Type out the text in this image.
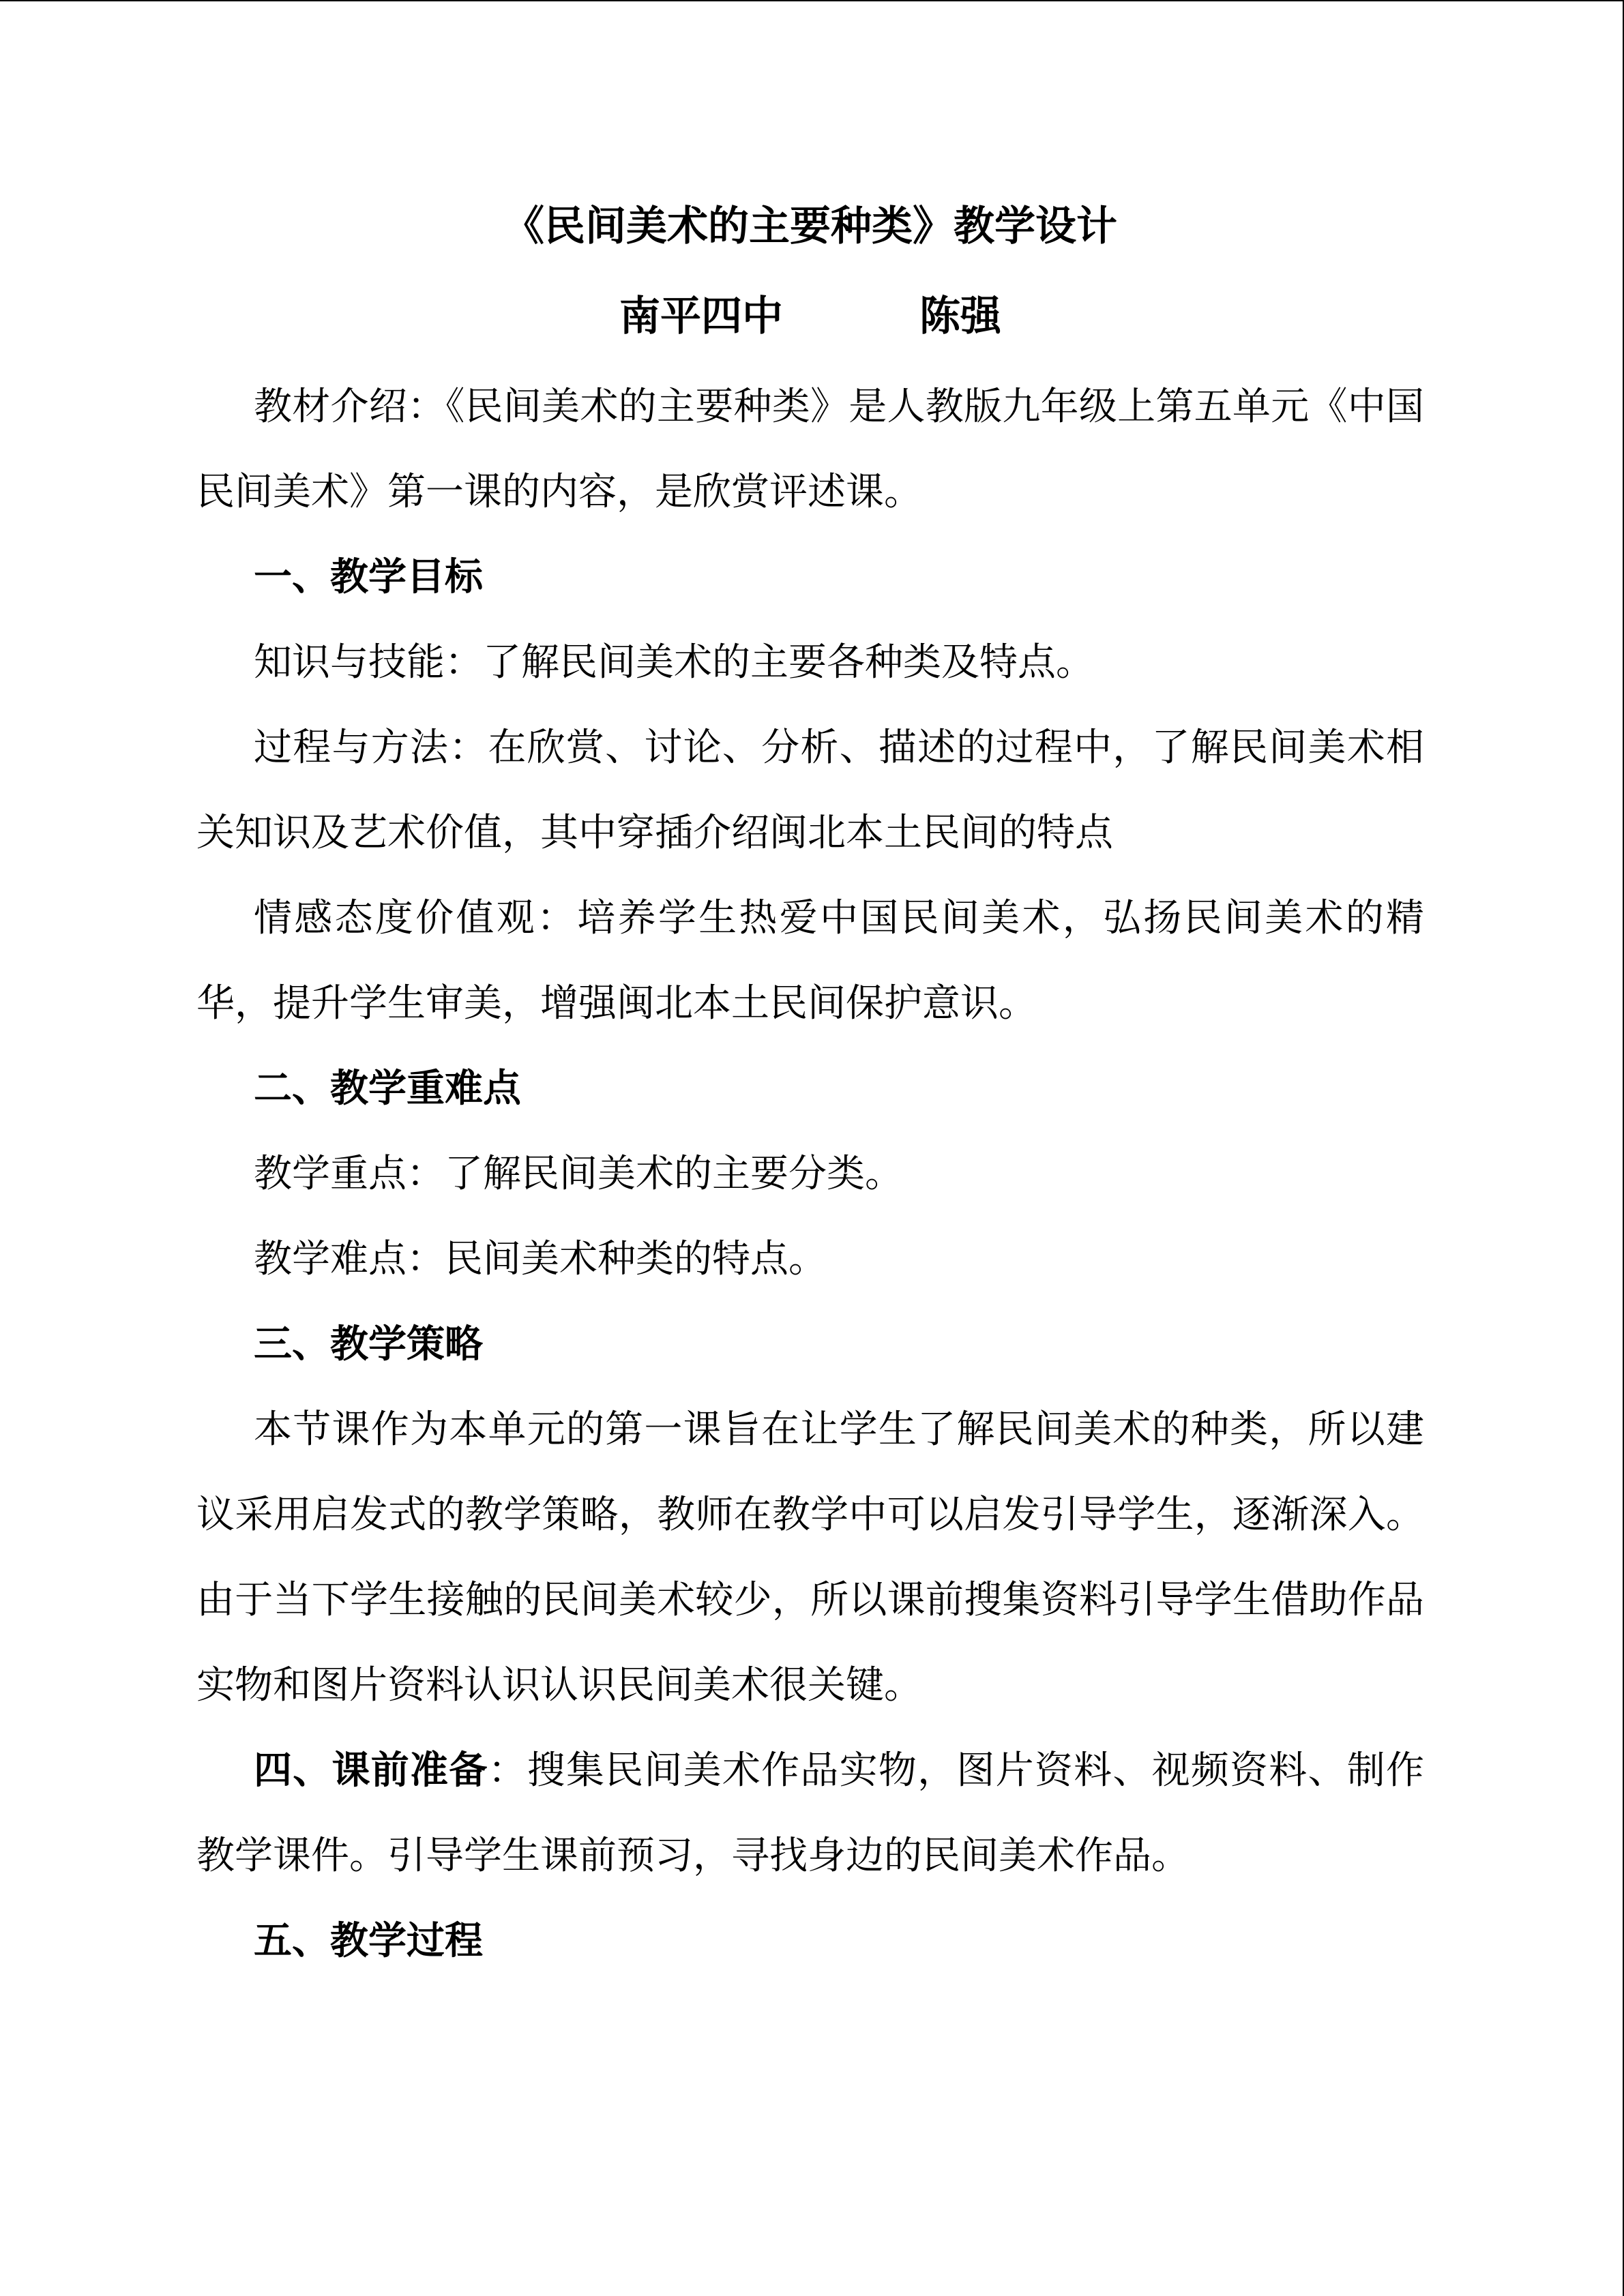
《民间美术的主要种类》教学设计
南平四中	陈强

教材介绍：《民间美术的主要种类》是人教版九年级上第五单元《中国民间美术》第一课的内容，是欣赏评述课。

一、教学目标

知识与技能：了解民间美术的主要各种类及特点。

过程与方法：在欣赏、讨论、分析、描述的过程中，了解民间美术相关知识及艺术价值，其中穿插介绍闽北本土民间的特点

情感态度价值观：培养学生热爱中国民间美术，弘扬民间美术的精华，提升学生审美，增强闽北本土民间保护意识。

二、教学重难点

教学重点：了解民间美术的主要分类。

教学难点：民间美术种类的特点。

三、教学策略

本节课作为本单元的第一课旨在让学生了解民间美术的种类，所以建议采用启发式的教学策略，教师在教学中可以启发引导学生，逐渐深入。由于当下学生接触的民间美术较少，所以课前搜集资料引导学生借助作品实物和图片资料认识认识民间美术很关键。

四、课前准备：搜集民间美术作品实物，图片资料、视频资料、制作教学课件。引导学生课前预习，寻找身边的民间美术作品。

五、教学过程
